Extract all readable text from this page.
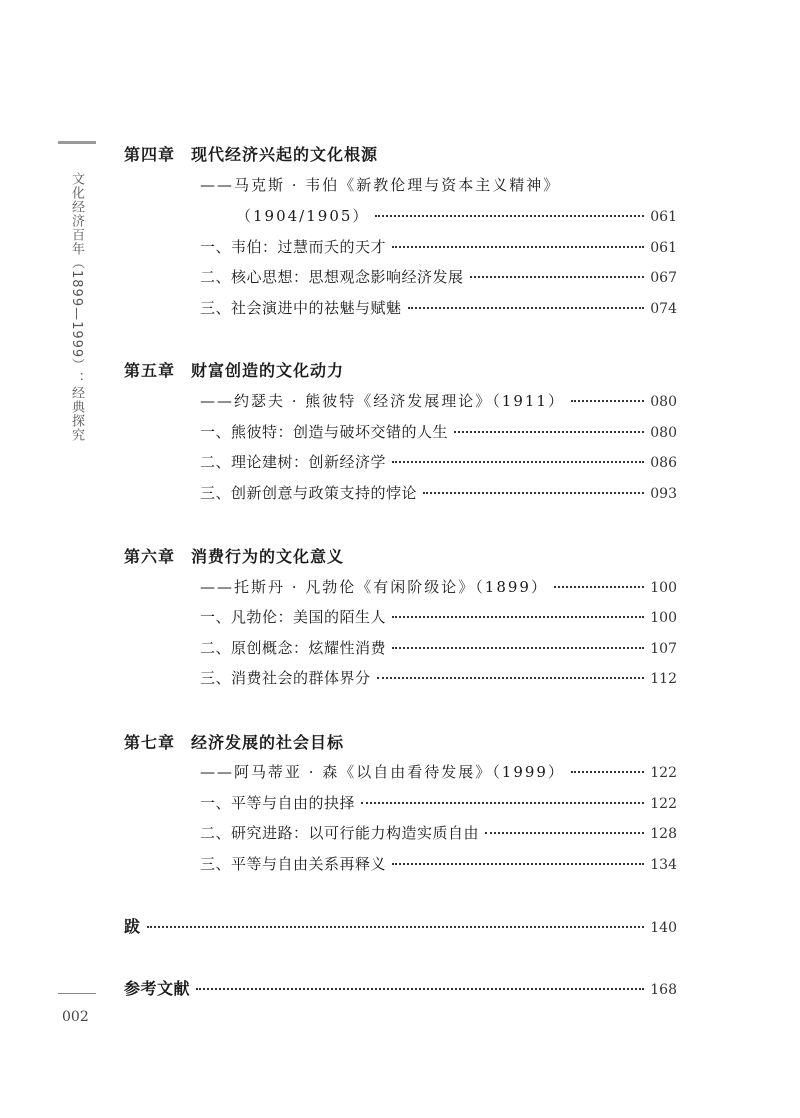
文化经济百年（1899—1999）：经典探究
002
第四章 现代经济兴起的文化根源
——马克斯 · 韦伯《新教伦理与资本主义精神》
（1904/1905）	061
一、韦伯：过慧而夭的天才	061
二、核心思想：思想观念影响经济发展	067
三、社会演进中的祛魅与赋魅	074
第五章 财富创造的文化动力
——约瑟夫 · 熊彼特《经济发展理论》（1911）	080
一、熊彼特：创造与破坏交错的人生	080
二、理论建树：创新经济学	086
三、创新创意与政策支持的悖论	093
第六章 消费行为的文化意义
——托斯丹 · 凡勃伦《有闲阶级论》（1899）	100
一、凡勃伦：美国的陌生人	100
二、原创概念：炫耀性消费	107
三、消费社会的群体界分	112
第七章 经济发展的社会目标
——阿马蒂亚 · 森《以自由看待发展》（1999）	122
一、平等与自由的抉择	122
二、研究进路：以可行能力构造实质自由	128
三、平等与自由关系再释义	134
跋	140
参考文献	168
